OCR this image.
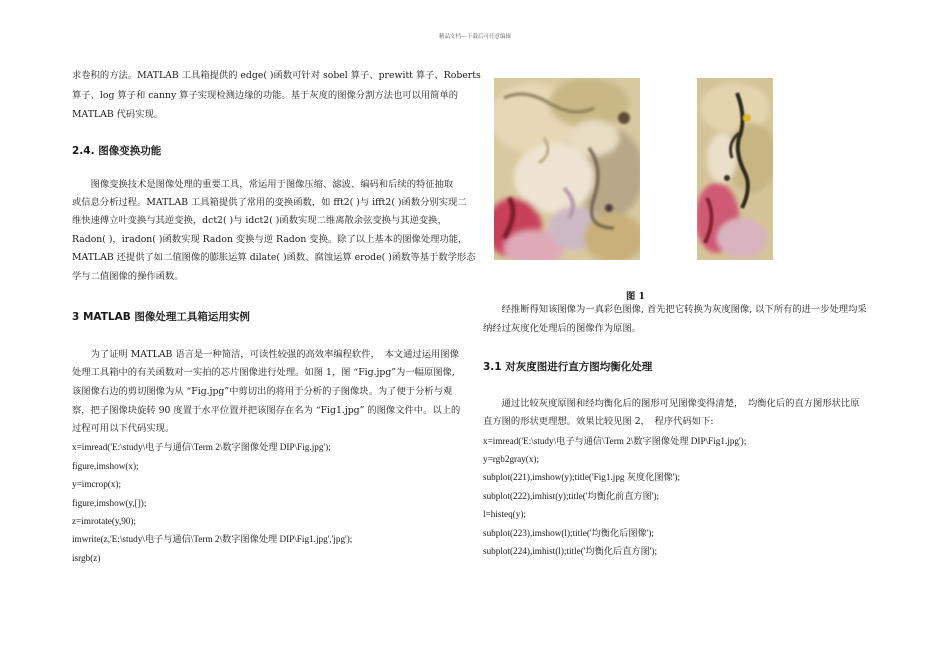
精品文档---下载后可任意编辑
求卷积的方法。MATLAB 工具箱提供的 edge( )函数可针对 sobel 算子、prewitt 算子、Roberts
算子、log 算子和 canny 算子实现检测边缘的功能。基于灰度的图像分割方法也可以用简单的
MATLAB 代码实现。
2.4. 图像变换功能
　　图像变换技术是图像处理的重要工具，常运用于图像压缩、滤波、编码和后续的特征抽取
或信息分析过程。MATLAB 工具箱提供了常用的变换函数，如 fft2( )与 ifft2( )函数分别实现二
维快速傅立叶变换与其逆变换，dct2( )与 idct2( )函数实现二维离散余弦变换与其逆变换，
Radon( )，iradon( )函数实现 Radon 变换与逆 Radon 变换。除了以上基本的图像处理功能，
MATLAB 还提供了如二值图像的膨胀运算 dilate( )函数、腐蚀运算 erode( )函数等基于数学形态
学与二值图像的操作函数。
3 MATLAB 图像处理工具箱运用实例
　　为了证明 MATLAB 语言是一种简洁，可读性较强的高效率编程软件，　本文通过运用图像
处理工具箱中的有关函数对一实拍的芯片图像进行处理。如图 1，图 “Fig.jpg”为一幅原图像,
该图像右边的剪切图像为从 “Fig.jpg”中剪切出的将用于分析的子图像块。为了便于分析与观
察，把子图像块旋转 90 度置于水平位置并把该图存在名为 “Fig1.jpg” 的图像文件中。以上的
过程可用以下代码实现。
x=imread('E:\study\电子与通信\Term 2\数字图像处理 DIP\Fig.jpg');
figure,imshow(x);
y=imcrop(x);
figure,imshow(y,[]);
z=imrotate(y,90);
imwrite(z,'E:\study\电子与通信\Term 2\数字图像处理 DIP\Fig1.jpg','jpg');
isrgb(z)
图 1
　　经推断得知该图像为一真彩色图像, 首先把它转换为灰度图像, 以下所有的进一步处理均采
纳经过灰度化处理后的图像作为原图。
3.1 对灰度图进行直方图均衡化处理
　　通过比较灰度原图和经均衡化后的图形可见图像变得清楚，　均衡化后的直方图形状比原
直方图的形状更理想。效果比较见图 2，　程序代码如下:
x=imread('E:\study\电子与通信\Term 2\数字图像处理 DIP\Fig1.jpg');
y=rgb2gray(x);
subplot(221),imshow(y);title('Fig1.jpg 灰度化图像');
subplot(222),imhist(y);title('均衡化前直方图');
l=histeq(y);
subplot(223),imshow(l);title('均衡化后图像');
subplot(224),imhist(l);title('均衡化后直方图');
